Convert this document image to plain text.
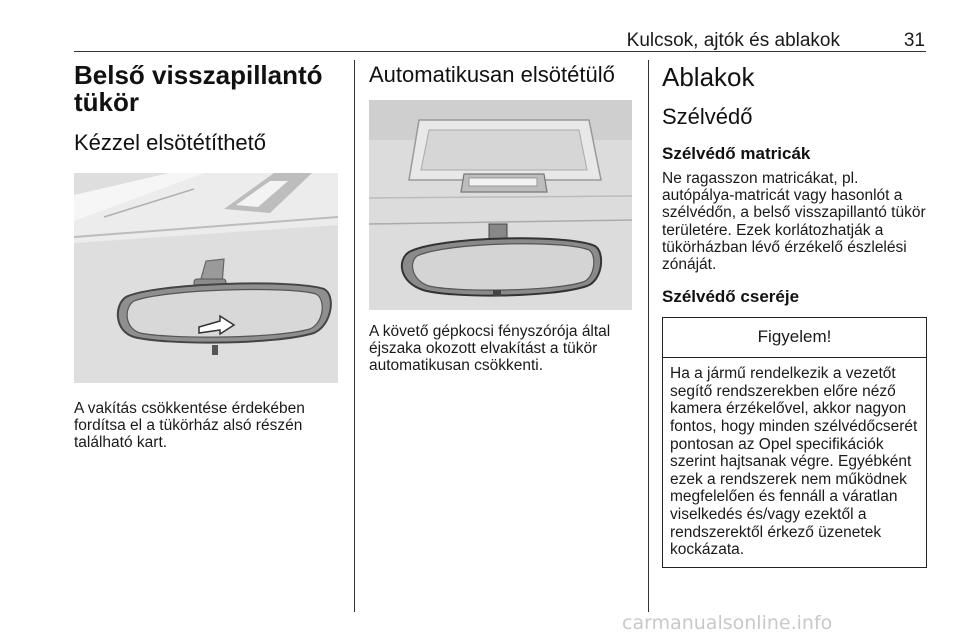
Kulcsok, ajtók és ablakok	31
Belső visszapillantó tükör
Kézzel elsötétíthető

A vakítás csökkentése érdekében fordítsa el a tükörház alsó részén található kart.

Automatikusan elsötétülő

A követő gépkocsi fényszórója által éjszaka okozott elvakítást a tükör automatikusan csökkenti.

Ablakok
Szélvédő
Szélvédő matricák

Ne ragasszon matricákat, pl. autópálya-matricát vagy hasonlót a szélvédőn, a belső visszapillantó tükör területére. Ezek korlátozhatják a tükörházban lévő érzékelő észlelési zónáját.

Szélvédő cseréje
Figyelem!
Ha a jármű rendelkezik a vezetőt segítő rendszerekben előre néző kamera érzékelővel, akkor nagyon fontos, hogy minden szélvédőcserét pontosan az Opel specifikációk szerint hajtsanak végre. Egyébként ezek a rendszerek nem működnek megfelelően és fennáll a váratlan viselkedés és/vagy ezektől a rendszerektől érkező üzenetek kockázata.
carmanualsonline.info
